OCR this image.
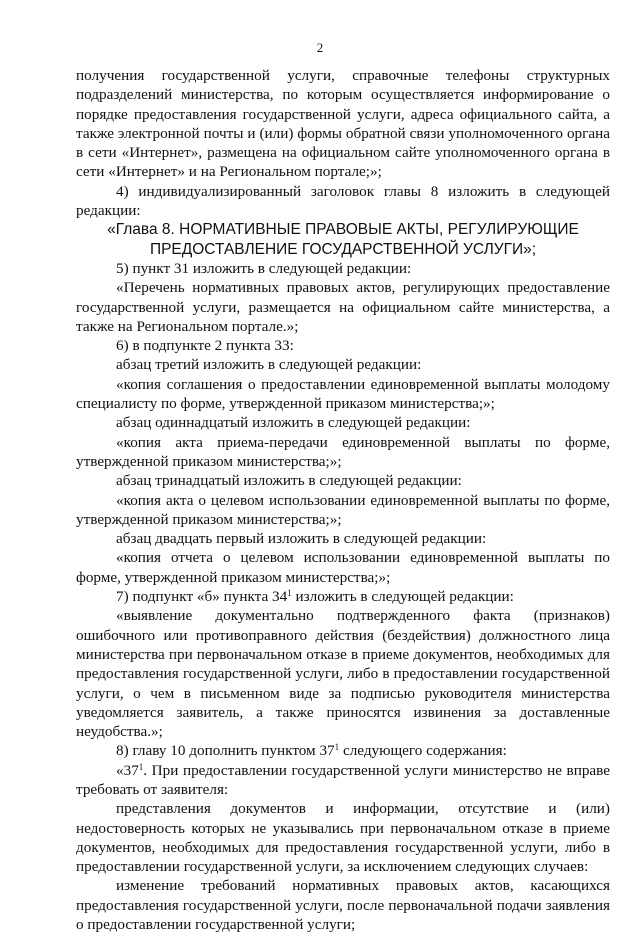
2

получения государственной услуги, справочные телефоны структурных подразделений министерства, по которым осуществляется информирование о порядке предоставления государственной услуги, адреса официального сайта, а также электронной почты и (или) формы обратной связи уполномоченного органа в сети «Интернет», размещена на официальном сайте уполномоченного органа в сети «Интернет» и на Региональном портале;»;

4) индивидуализированный заголовок главы 8 изложить в следующей редакции:

«Глава 8. НОРМАТИВНЫЕ ПРАВОВЫЕ АКТЫ, РЕГУЛИРУЮЩИЕ

ПРЕДОСТАВЛЕНИЕ ГОСУДАРСТВЕННОЙ УСЛУГИ»;

5) пункт 31 изложить в следующей редакции:

«Перечень нормативных правовых актов, регулирующих предоставление государственной услуги, размещается на официальном сайте министерства, а также на Региональном портале.»;

6) в подпункте 2 пункта 33:

абзац третий изложить в следующей редакции:

«копия соглашения о предоставлении единовременной выплаты молодому специалисту по форме, утвержденной приказом министерства;»;

абзац одиннадцатый изложить в следующей редакции:

«копия акта приема-передачи единовременной выплаты по форме, утвержденной приказом министерства;»;

абзац тринадцатый изложить в следующей редакции:

«копия акта о целевом использовании единовременной выплаты по форме, утвержденной приказом министерства;»;

абзац двадцать первый изложить в следующей редакции:

«копия отчета о целевом использовании единовременной выплаты по форме, утвержденной приказом министерства;»;

7) подпункт «б» пункта $34^1$ изложить в следующей редакции:

«выявление документально подтвержденного факта (признаков) ошибочного или противоправного действия (бездействия) должностного лица министерства при первоначальном отказе в приеме документов, необходимых для предоставления государственной услуги, либо в предоставлении государственной услуги, о чем в письменном виде за подписью руководителя министерства уведомляется заявитель, а также приносятся извинения за доставленные неудобства.»;

8) главу 10 дополнить пунктом $37^1$ следующего содержания:

«$37^1$. При предоставлении государственной услуги министерство не вправе требовать от заявителя:

представления документов и информации, отсутствие и (или) недостоверность которых не указывались при первоначальном отказе в приеме документов, необходимых для предоставления государственной услуги, либо в предоставлении государственной услуги, за исключением следующих случаев:

изменение требований нормативных правовых актов, касающихся предоставления государственной услуги, после первоначальной подачи заявления о предоставлении государственной услуги;
